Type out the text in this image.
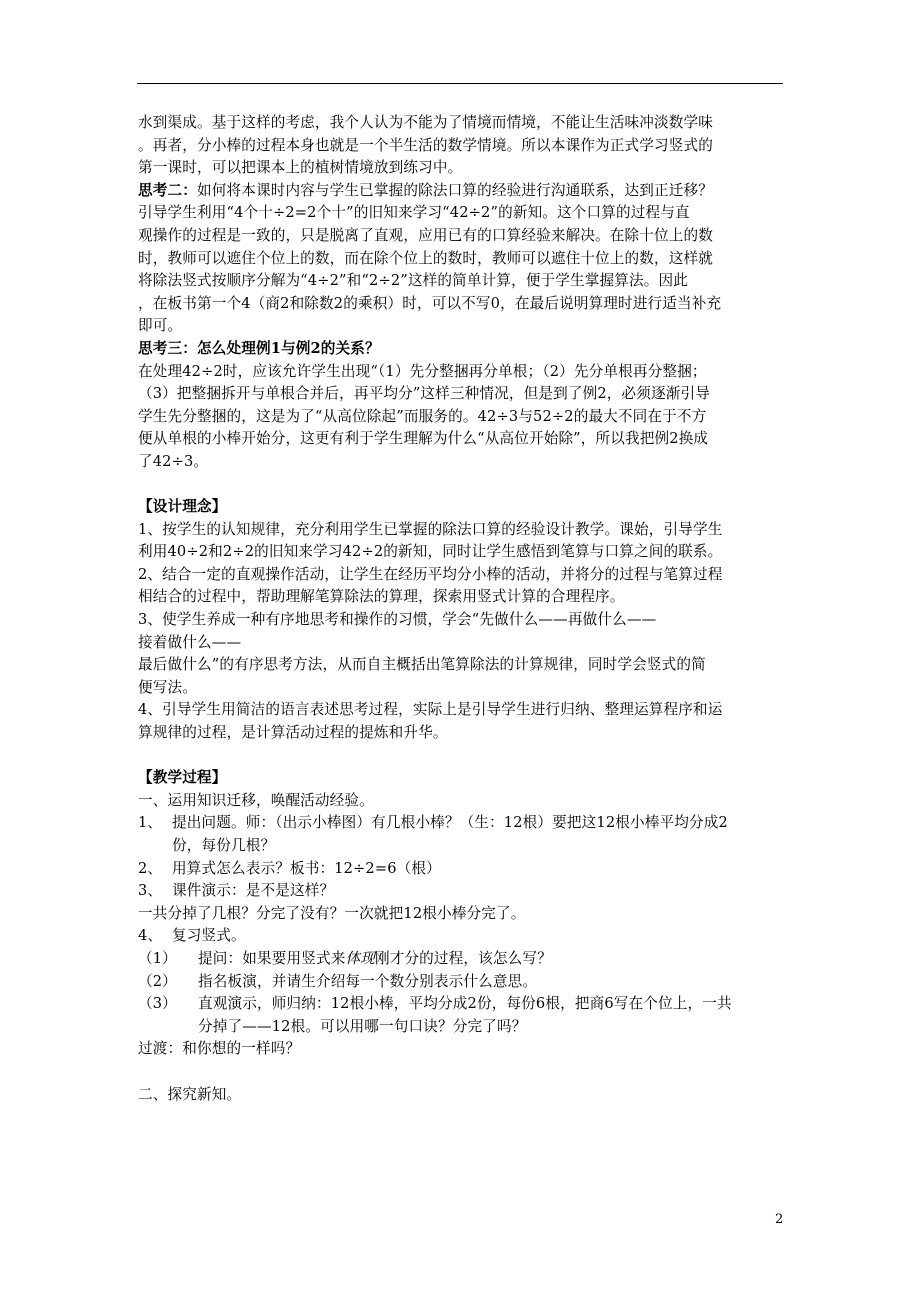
水到渠成。基于这样的考虑，我个人认为不能为了情境而情境，不能让生活味冲淡数学味
。再者，分小棒的过程本身也就是一个半生活的数学情境。所以本课作为正式学习竖式的
第一课时，可以把课本上的植树情境放到练习中。
思考二：如何将本课时内容与学生已掌握的除法口算的经验进行沟通联系，达到正迁移？
引导学生利用“4个十÷2=2个十”的旧知来学习“42÷2”的新知。这个口算的过程与直
观操作的过程是一致的，只是脱离了直观，应用已有的口算经验来解决。在除十位上的数
时，教师可以遮住个位上的数，而在除个位上的数时，教师可以遮住十位上的数，这样就
将除法竖式按顺序分解为“4÷2”和“2÷2”这样的简单计算，便于学生掌握算法。因此
，在板书第一个4（商2和除数2的乘积）时，可以不写0，在最后说明算理时进行适当补充
即可。
思考三：怎么处理例1与例2的关系？
在处理42÷2时，应该允许学生出现“（1）先分整捆再分单根；（2）先分单根再分整捆；
（3）把整捆拆开与单根合并后，再平均分”这样三种情况，但是到了例2，必须逐渐引导
学生先分整捆的，这是为了“从高位除起”而服务的。42÷3与52÷2的最大不同在于不方
便从单根的小棒开始分，这更有利于学生理解为什么“从高位开始除”，所以我把例2换成
了42÷3。
【设计理念】
1、按学生的认知规律，充分利用学生已掌握的除法口算的经验设计教学。课始，引导学生
利用40÷2和2÷2的旧知来学习42÷2的新知，同时让学生感悟到笔算与口算之间的联系。
2、结合一定的直观操作活动，让学生在经历平均分小棒的活动，并将分的过程与笔算过程
相结合的过程中，帮助理解笔算除法的算理，探索用竖式计算的合理程序。
3、使学生养成一种有序地思考和操作的习惯，学会“先做什么——再做什么——
接着做什么——
最后做什么”的有序思考方法，从而自主概括出笔算除法的计算规律，同时学会竖式的简
便写法。
4、引导学生用简洁的语言表述思考过程，实际上是引导学生进行归纳、整理运算程序和运
算规律的过程，是计算活动过程的提炼和升华。
【教学过程】
一、运用知识迁移，唤醒活动经验。
1、 提出问题。师：（出示小棒图）有几根小棒？（生：12根）要把这12根小棒平均分成2
份，每份几根？
2、 用算式怎么表示？板书：12÷2=6（根）
3、 课件演示：是不是这样？
一共分掉了几根？分完了没有？一次就把12根小棒分完了。
4、 复习竖式。
（1）	提问：如果要用竖式来体现刚才分的过程，该怎么写？
（2）	指名板演，并请生介绍每一个数分别表示什么意思。
（3）	直观演示，师归纳：12根小棒，平均分成2份，每份6根，把商6写在个位上，一共
分掉了——12根。可以用哪一句口诀？分完了吗？
过渡：和你想的一样吗？
二、探究新知。
2
